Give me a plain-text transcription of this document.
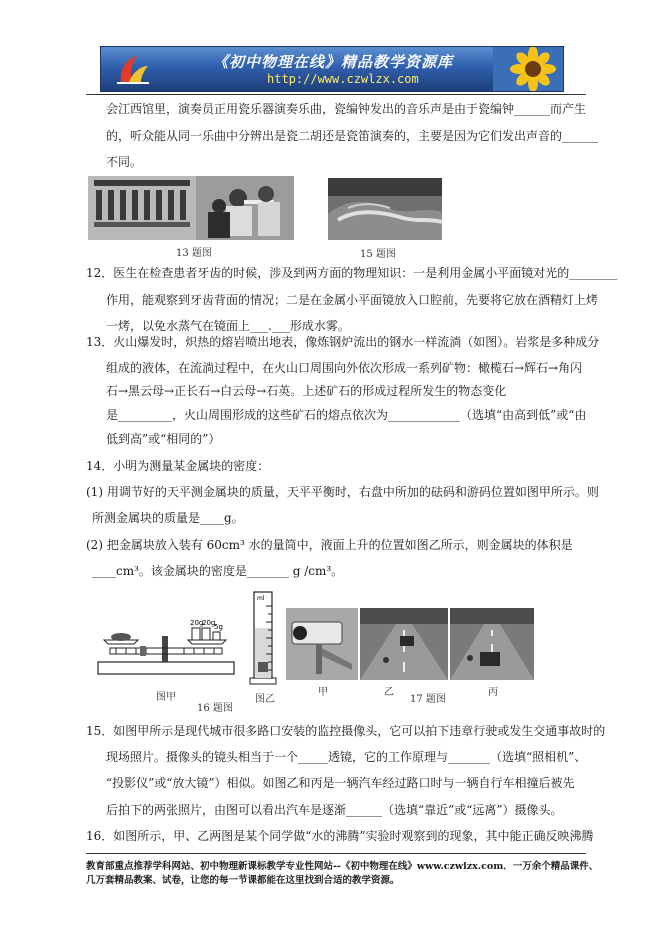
《初中物理在线》精品教学资源库
http://www.czwlzx.com
会江西馆里，演奏员正用瓷乐器演奏乐曲，瓷编钟发出的音乐声是由于瓷编钟______而产生
的，听众能从同一乐曲中分辨出是瓷二胡还是瓷笛演奏的，主要是因为它们发出声音的______
不同。
13 题图	15 题图
12．医生在检查患者牙齿的时候，涉及到两方面的物理知识：一是利用金属小平面镜对光的________
作用，能观察到牙齿背面的情况；二是在金属小平面镜放入口腔前，先要将它放在酒精灯上烤
一烤，以免水蒸气在镜面上___.___形成水雾。
13．火山爆发时，炽热的熔岩喷出地表，像炼钢炉流出的钢水一样流淌（如图）。岩浆是多种成分
组成的液体，在流淌过程中，在火山口周围向外依次形成一系列矿物：橄榄石→辉石→角闪
石→黑云母→正长石→白云母→石英。上述矿石的形成过程所发生的物态变化
是_________，火山周围形成的这些矿石的熔点依次为____________（选填“由高到低”或“由
低到高”或“相同的”）
14．小明为测量某金属块的密度：
(1) 用调节好的天平测金属块的质量，天平平衡时，右盘中所加的砝码和游码位置如图甲所示。则
所测金属块的质量是____g。
(2) 把金属块放入装有 60cm³ 水的量筒中，液面上升的位置如图乙所示，则金属块的体积是
____cm³。该金属块的密度是_______ g /cm³。
20g
20g
5g
图甲
16 题图
ml
图乙
甲	乙
17 题图
丙
15．如图甲所示是现代城市很多路口安装的监控摄像头，它可以拍下违章行驶或发生交通事故时的
现场照片。摄像头的镜头相当于一个_____透镜，它的工作原理与_______（选填“照相机”、
“投影仪”或“放大镜”）相似。如图乙和丙是一辆汽车经过路口时与一辆自行车相撞后被先
后拍下的两张照片，由图可以看出汽车是逐渐______（选填“靠近”或“远离”）摄像头。
16．如图所示，甲、乙两图是某个同学做“水的沸腾”实验时观察到的现象，其中能正确反映沸腾
教育部重点推荐学科网站、初中物理新课标教学专业性网站--《初中物理在线》www.czwlzx.com．一万余个精品课件、
几万套精品教案、试卷，让您的每一节课都能在这里找到合适的教学资源。
